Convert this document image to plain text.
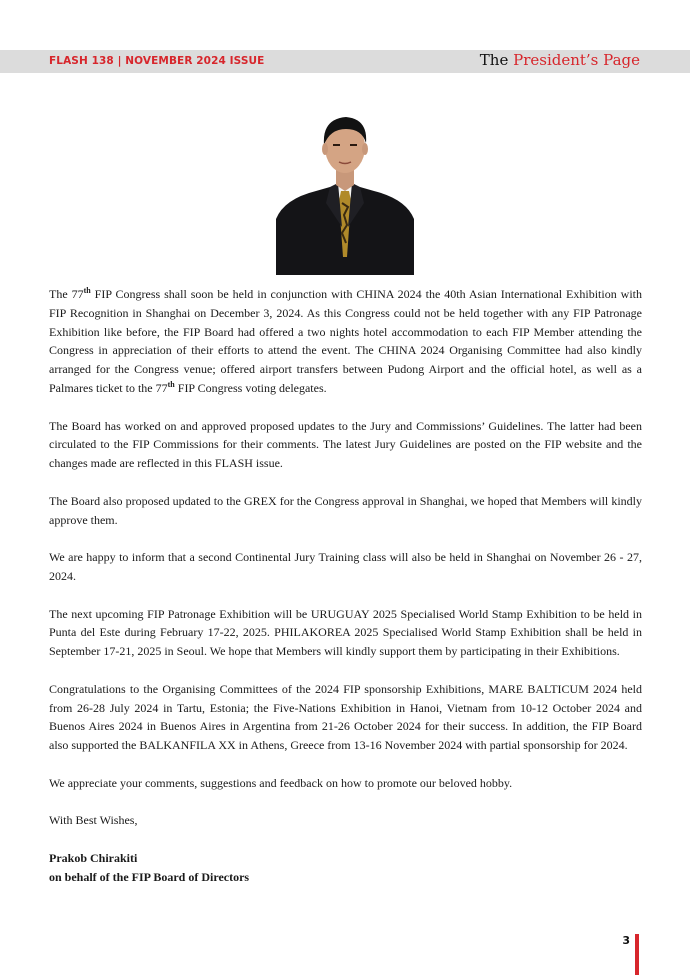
FLASH 138 | NOVEMBER 2024 ISSUE	The President’s Page

The 77th FIP Congress shall soon be held in conjunction with CHINA 2024 the 40th Asian International Exhibition with FIP Recognition in Shanghai on December 3, 2024. As this Congress could not be held together with any FIP Patronage Exhibition like before, the FIP Board had offered a two nights hotel accommodation to each FIP Member attending the Congress in appreciation of their efforts to attend the event. The CHINA 2024 Organising Committee had also kindly arranged for the Congress venue; offered airport transfers between Pudong Airport and the official hotel, as well as a Palmares ticket to the 77th FIP Congress voting delegates.

The Board has worked on and approved proposed updates to the Jury and Commissions’ Guidelines. The latter had been circulated to the FIP Commissions for their comments. The latest Jury Guidelines are posted on the FIP website and the changes made are reflected in this FLASH issue.

The Board also proposed updated to the GREX for the Congress approval in Shanghai, we hoped that Members will kindly approve them.

We are happy to inform that a second Continental Jury Training class will also be held in Shanghai on November 26 - 27, 2024.

The next upcoming FIP Patronage Exhibition will be URUGUAY 2025 Specialised World Stamp Exhibition to be held in Punta del Este during February 17-22, 2025. PHILAKOREA 2025 Specialised World Stamp Exhibition shall be held in September 17-21, 2025 in Seoul. We hope that Members will kindly support them by participating in their Exhibitions.

Congratulations to the Organising Committees of the 2024 FIP sponsorship Exhibitions, MARE BALTICUM 2024 held from 26-28 July 2024 in Tartu, Estonia; the Five-Nations Exhibition in Hanoi, Vietnam from 10-12 October 2024 and Buenos Aires 2024 in Buenos Aires in Argentina from 21-26 October 2024 for their success. In addition, the FIP Board also supported the BALKANFILA XX in Athens, Greece from 13-16 November 2024 with partial sponsorship for 2024.

We appreciate your comments, suggestions and feedback on how to promote our beloved hobby.

With Best Wishes,

Prakob Chirakiti

on behalf of the FIP Board of Directors

3
